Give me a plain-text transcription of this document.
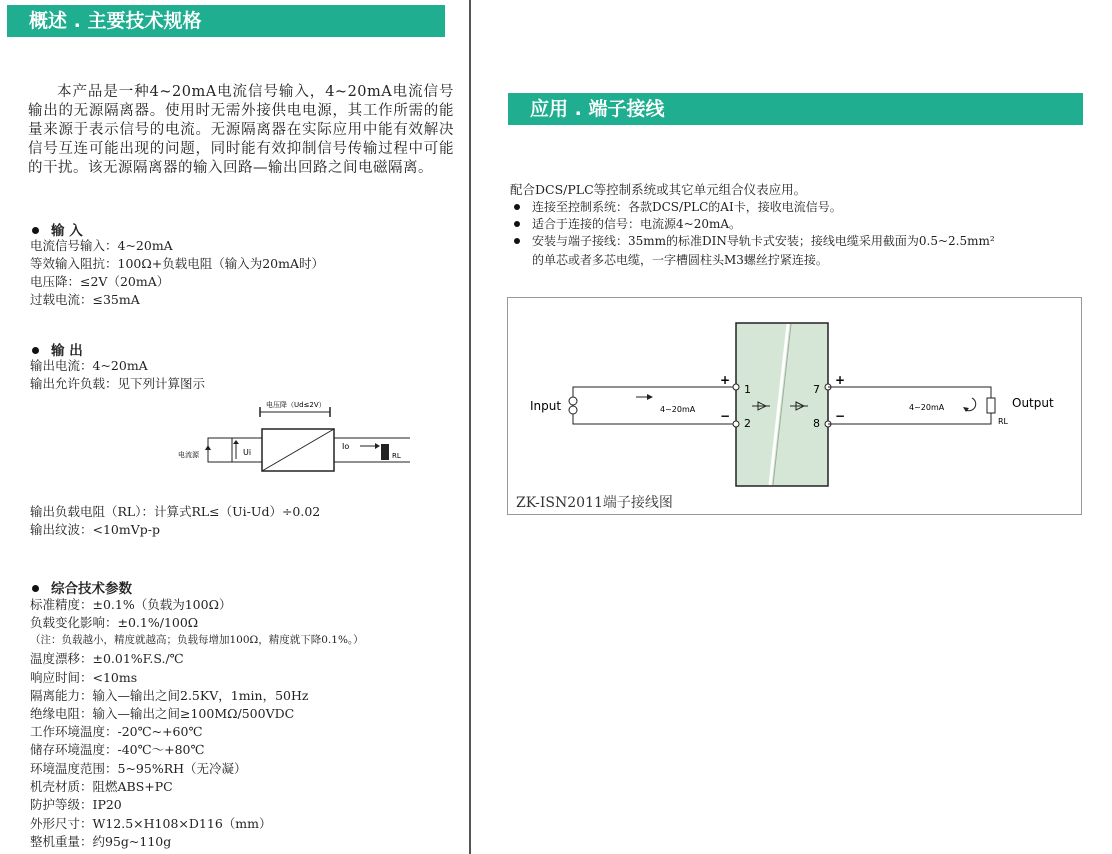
概述 . 主要技术规格
本产品是一种4~20mA电流信号输入，4~20mA电流信号输出的无源隔离器。使用时无需外接供电电源，其工作所需的能量来源于表示信号的电流。无源隔离器在实际应用中能有效解决信号互连可能出现的问题，同时能有效抑制信号传输过程中可能的干扰。该无源隔离器的输入回路—输出回路之间电磁隔离。
输 入
电流信号输入：4~20mA
等效输入阻抗：100Ω+负载电阻（输入为20mA时）
电压降：≤2V（20mA）
过载电流：≤35mA
输 出
输出电流：4~20mA
输出允许负载：见下列计算图示
电压降（Ud≤2V）
Ui
Io
RL
电流源
输出负载电阻（RL）：计算式RL≤（Ui-Ud）÷0.02
输出纹波：<10mVp-p
综合技术参数
标准精度：±0.1%（负载为100Ω）
负载变化影响：±0.1%/100Ω
（注：负载越小，精度就越高；负载每增加100Ω，精度就下降0.1%。）
温度漂移：±0.01%F.S./℃
响应时间：<10ms
隔离能力：输入—输出之间2.5KV，1min，50Hz
绝缘电阻：输入—输出之间≥100MΩ/500VDC
工作环境温度：-20℃~+60℃
储存环境温度：-40℃～+80℃
环境温度范围：5~95%RH（无冷凝）
机壳材质：阻燃ABS+PC
防护等级：IP20
外形尺寸：W12.5×H108×D116（mm）
整机重量：约95g~110g
应用 . 端子接线
配合DCS/PLC等控制系统或其它单元组合仪表应用。
连接至控制系统：各款DCS/PLC的AI卡，接收电流信号。
适合于连接的信号：电流源4~20mA。
安装与端子接线：35mm的标准DIN导轨卡式安装；接线电缆采用截面为0.5~2.5mm²
的单芯或者多芯电缆，一字槽圆柱头M3螺丝拧紧连接。
4~20mA
Input
1
2
+
−
7
8
+
−	RL
4~20mA	Output
ZK-ISN2011端子接线图
